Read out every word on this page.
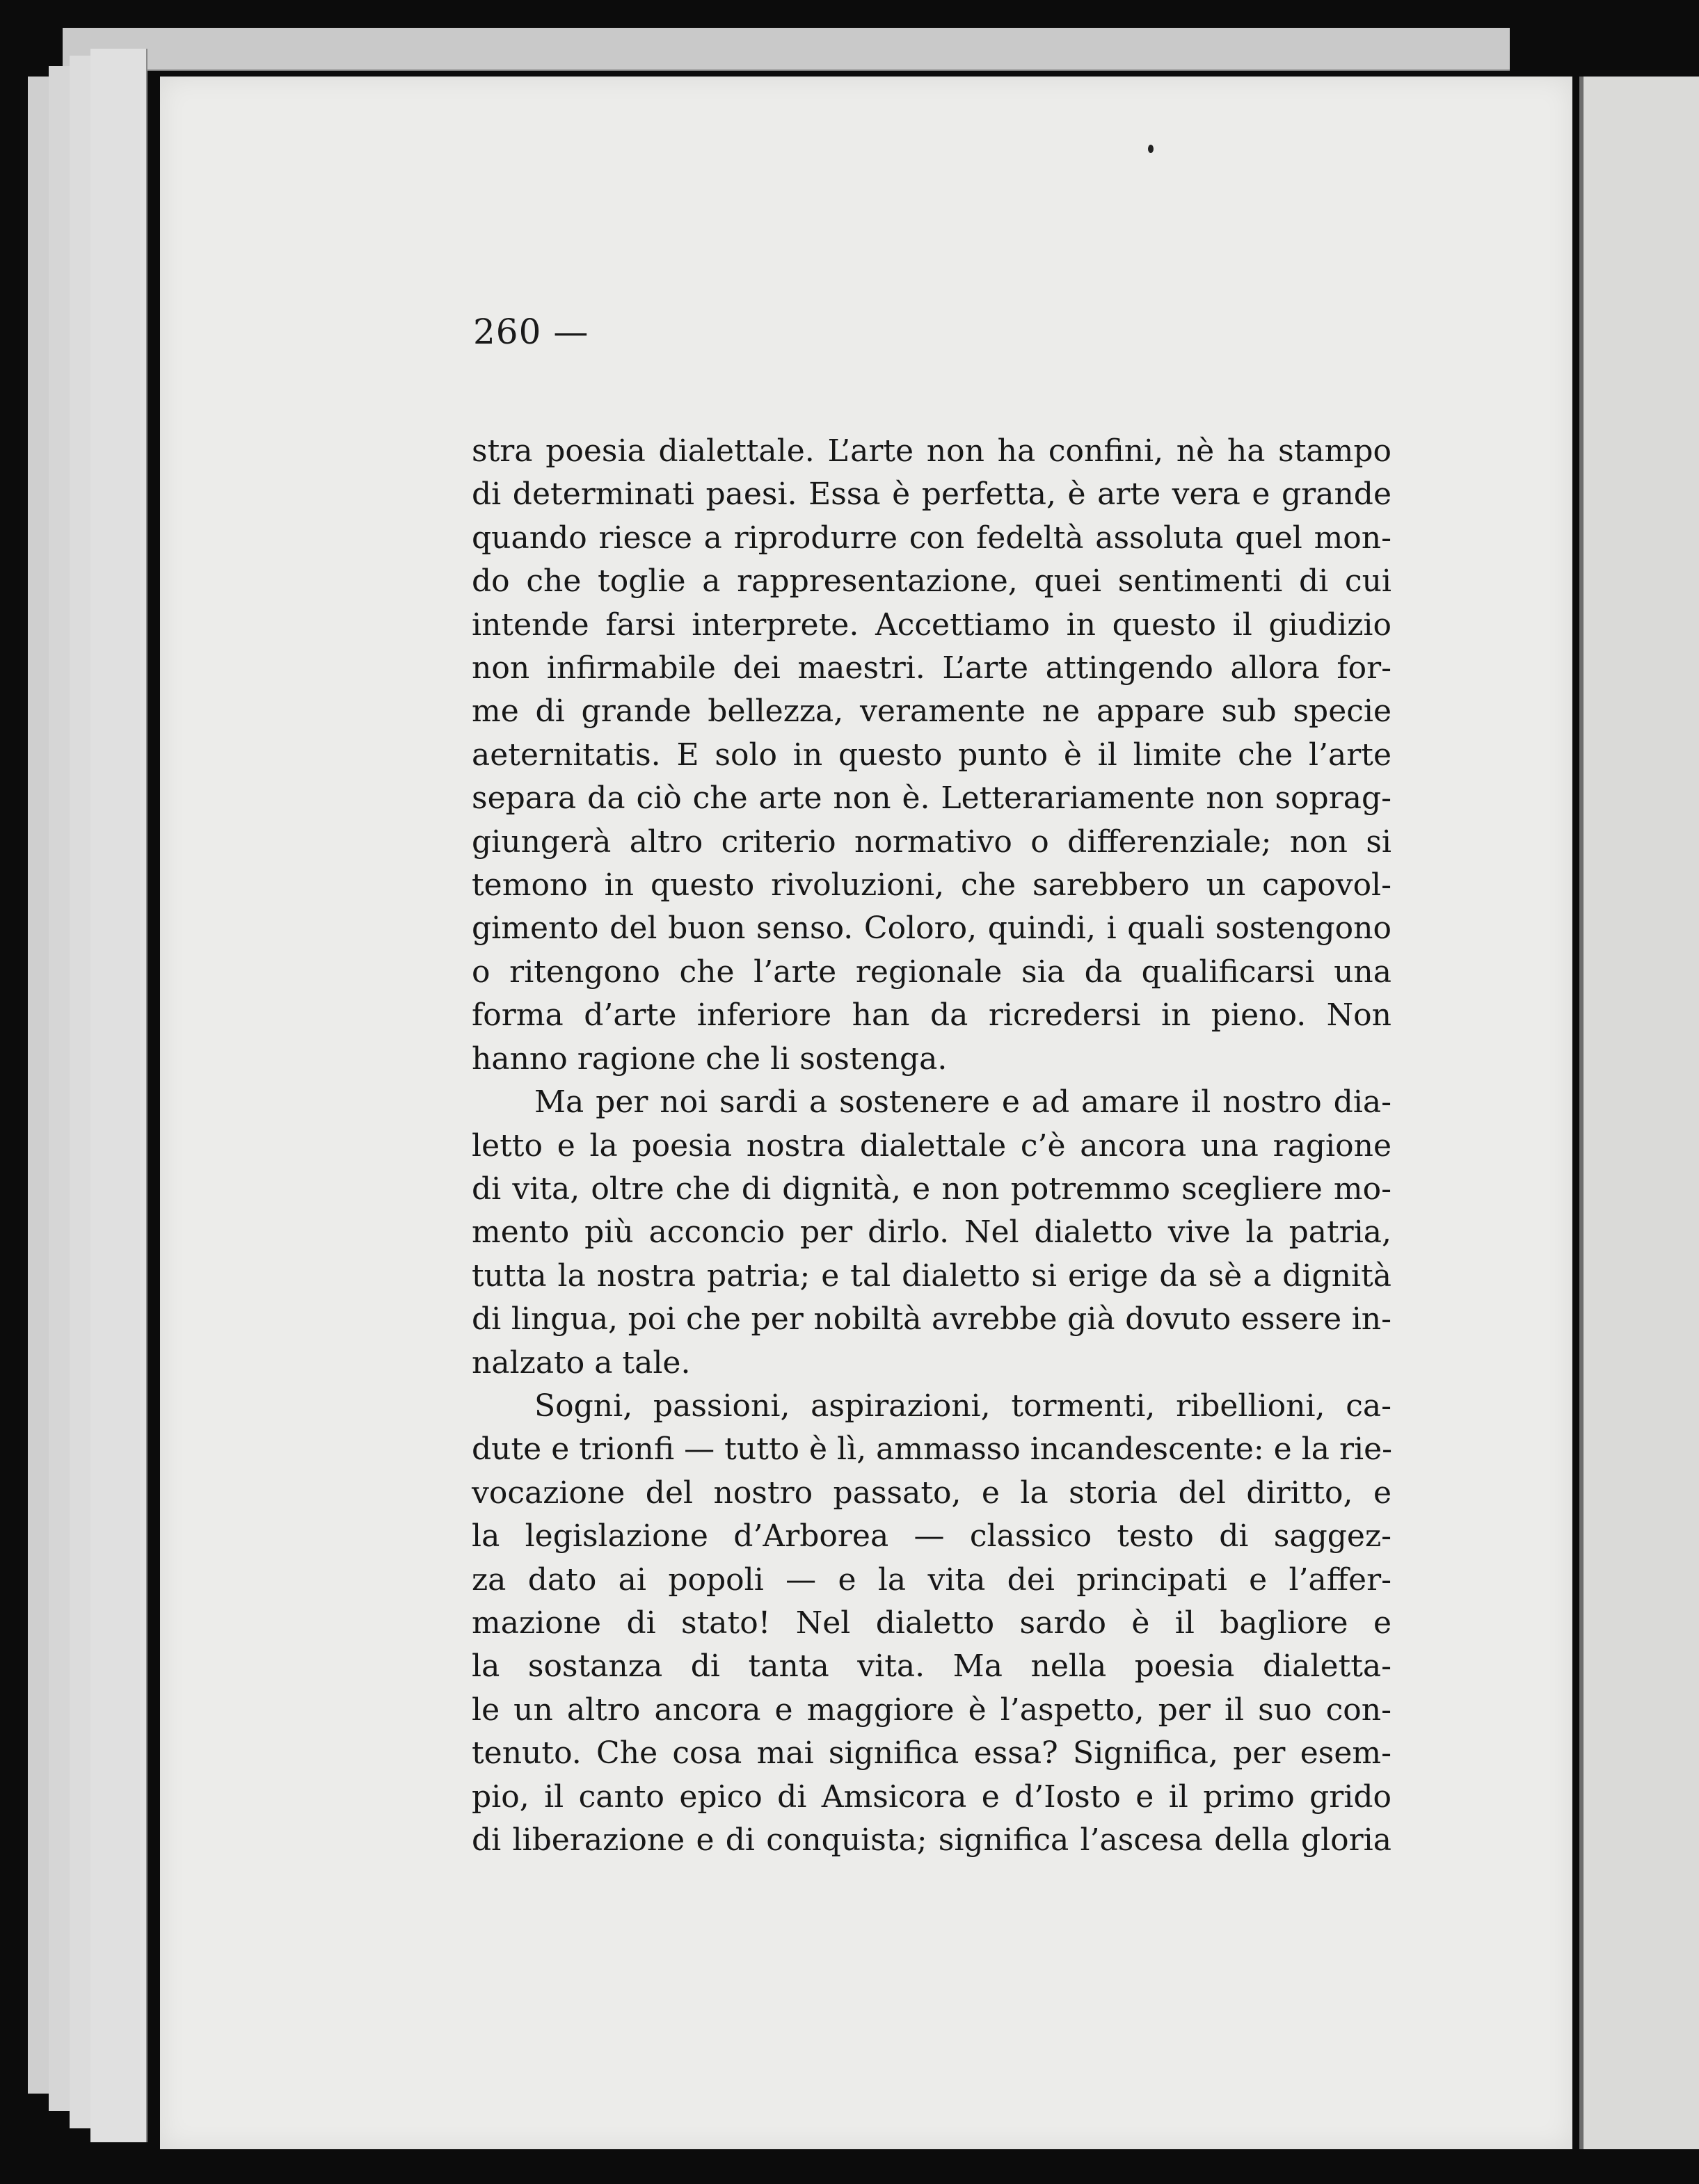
260 —
stra poesia dialettale. L’arte non ha confini, nè ha stampo
di determinati paesi. Essa è perfetta, è arte vera e grande
quando riesce a riprodurre con fedeltà assoluta quel mon-
do che toglie a rappresentazione, quei sentimenti di cui
intende farsi interprete. Accettiamo in questo il giudizio
non infirmabile dei maestri. L’arte attingendo allora for-
me di grande bellezza, veramente ne appare sub specie
aeternitatis. E solo in questo punto è il limite che l’arte
separa da ciò che arte non è. Letterariamente non soprag-
giungerà altro criterio normativo o differenziale; non si
temono in questo rivoluzioni, che sarebbero un capovol-
gimento del buon senso. Coloro, quindi, i quali sostengono
o ritengono che l’arte regionale sia da qualificarsi una
forma d’arte inferiore han da ricredersi in pieno. Non
hanno ragione che li sostenga.
Ma per noi sardi a sostenere e ad amare il nostro dia-
letto e la poesia nostra dialettale c’è ancora una ragione
di vita, oltre che di dignità, e non potremmo scegliere mo-
mento più acconcio per dirlo. Nel dialetto vive la patria,
tutta la nostra patria; e tal dialetto si erige da sè a dignità
di lingua, poi che per nobiltà avrebbe già dovuto essere in-
nalzato a tale.
Sogni, passioni, aspirazioni, tormenti, ribellioni, ca-
dute e trionfi — tutto è lì, ammasso incandescente: e la rie-
vocazione del nostro passato, e la storia del diritto, e
la legislazione d’Arborea — classico testo di saggez-
za dato ai popoli — e la vita dei principati e l’affer-
mazione di stato! Nel dialetto sardo è il bagliore e
la sostanza di tanta vita. Ma nella poesia dialetta-
le un altro ancora e maggiore è l’aspetto, per il suo con-
tenuto. Che cosa mai significa essa? Significa, per esem-
pio, il canto epico di Amsicora e d’Iosto e il primo grido
di liberazione e di conquista; significa l’ascesa della gloria
